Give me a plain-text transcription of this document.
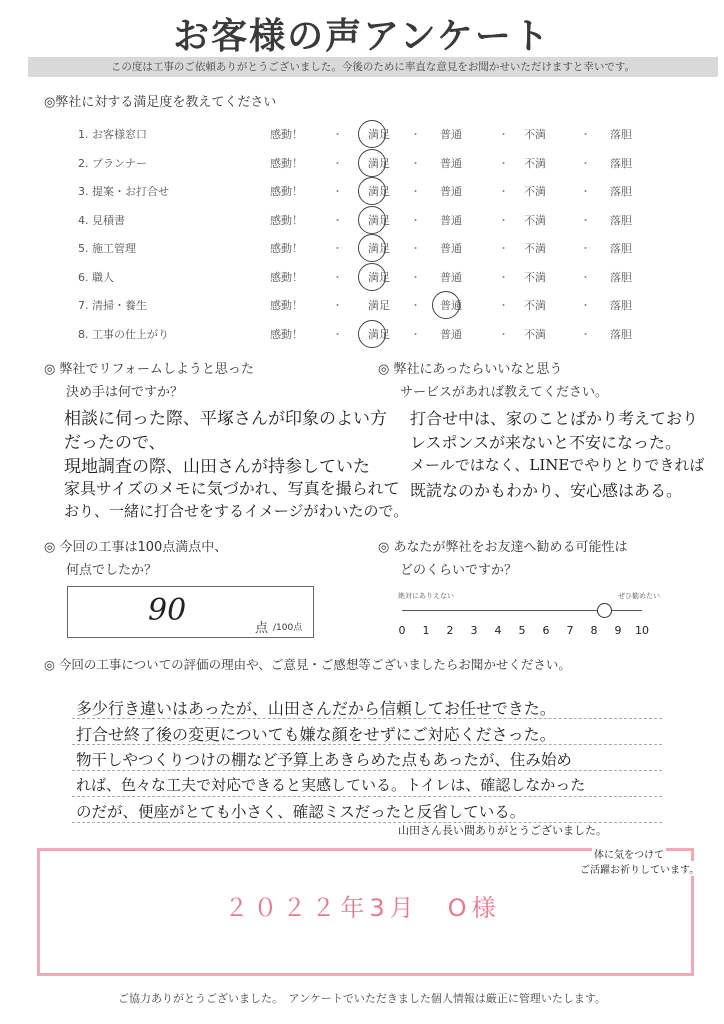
お客様の声アンケート
この度は工事のご依頼ありがとうございました。今後のために率直な意見をお聞かせいただけますと幸いです。
◎弊社に対する満足度を教えてください
1. お客様窓口	感動！	・ 満足 ・ 普通	・ 不満	・ 落胆
2. プランナー	感動！	・ 満足 ・ 普通	・ 不満	・ 落胆
3. 提案・お打合せ	感動！	・ 満足 ・ 普通	・ 不満	・ 落胆
4. 見積書	感動！	・ 満足 ・ 普通	・ 不満	・ 落胆
5. 施工管理	感動！	・ 満足 ・ 普通	・ 不満	・ 落胆
6. 職人	感動！	・ 満足 ・ 普通	・ 不満	・ 落胆
7. 清掃・養生	感動！	・ 満足 ・ 普通	・ 不満	・ 落胆
8. 工事の仕上がり	感動！	・ 満足 ・ 普通	・ 不満	・ 落胆
◎ 弊社でリフォームしようと思った
決め手は何ですか？
相談に伺った際、平塚さんが印象のよい方
だったので、
現地調査の際、山田さんが持参していた
家具サイズのメモに気づかれ、写真を撮られて
おり、一緒に打合せをするイメージがわいたので。
◎ 弊社にあったらいいなと思う
サービスがあれば教えてください。
打合せ中は、家のことばかり考えており
レスポンスが来ないと不安になった。
メールではなく、LINEでやりとりできれば
既読なのかもわかり、安心感はある。
◎ 今回の工事は100点満点中、
何点でしたか？
90
点 /100点
◎ あなたが弊社をお友達へ勧める可能性は
どのくらいですか？
絶対にありえない	ぜひ勧めたい
0	1	2	3	4	5	6	7	8	9	10
◎ 今回の工事についての評価の理由や、ご意見・ご感想等ございましたらお聞かせください。
多少行き違いはあったが、山田さんだから信頼してお任せできた。
打合せ終了後の変更についても嫌な顔をせずにご対応くださった。
物干しやつくりつけの棚など予算上あきらめた点もあったが、住み始め
れば、色々な工夫で対応できると実感している。トイレは、確認しなかった
のだが、便座がとても小さく、確認ミスだったと反省している。
山田さん長い間ありがとうございました。
２０２２年3月　O様
体に気をつけて
ご活躍お祈りしています。
ご協力ありがとうございました。　アンケートでいただきました個人情報は厳正に管理いたします。
